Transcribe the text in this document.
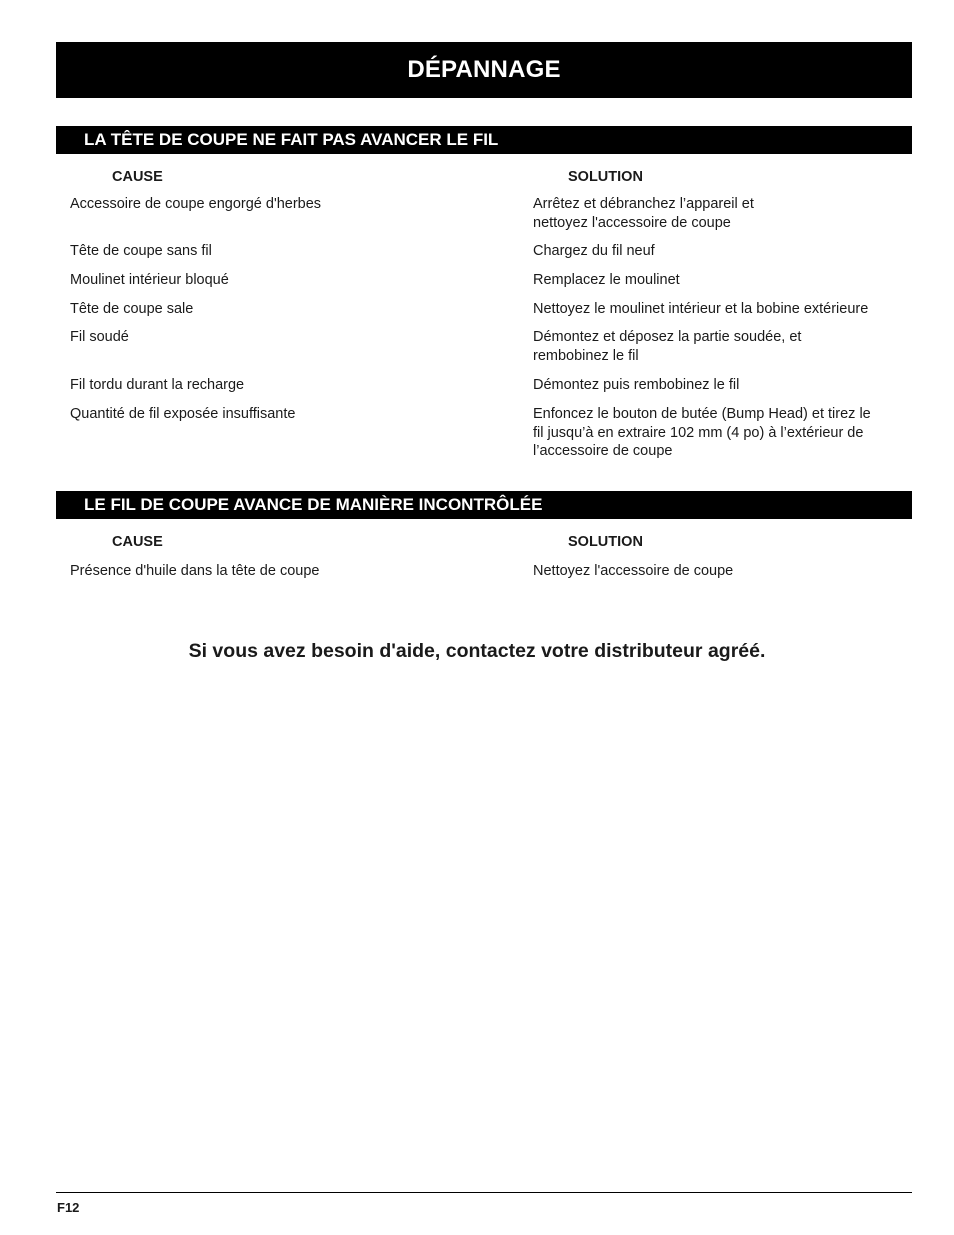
DÉPANNAGE
LA TÊTE DE COUPE NE FAIT PAS AVANCER LE FIL
CAUSE	SOLUTION
Accessoire de coupe engorgé d'herbes	Arrêtez et débranchez l’appareil et
nettoyez l'accessoire de coupe
Tête de coupe sans fil	Chargez du fil neuf
Moulinet intérieur bloqué	Remplacez le moulinet
Tête de coupe sale	Nettoyez le moulinet intérieur et la bobine extérieure
Fil soudé	Démontez et déposez la partie soudée, et
rembobinez le fil
Fil tordu durant la recharge	Démontez puis rembobinez le fil
Quantité de fil exposée insuffisante	Enfoncez le bouton de butée (Bump Head) et tirez le
fil jusqu’à en extraire 102 mm (4 po) à l’extérieur de
l’accessoire de coupe
LE FIL DE COUPE AVANCE DE MANIÈRE INCONTRÔLÉE
CAUSE	SOLUTION
Présence d'huile dans la tête de coupe	Nettoyez l'accessoire de coupe
Si vous avez besoin d'aide, contactez votre distributeur agréé.
F12
